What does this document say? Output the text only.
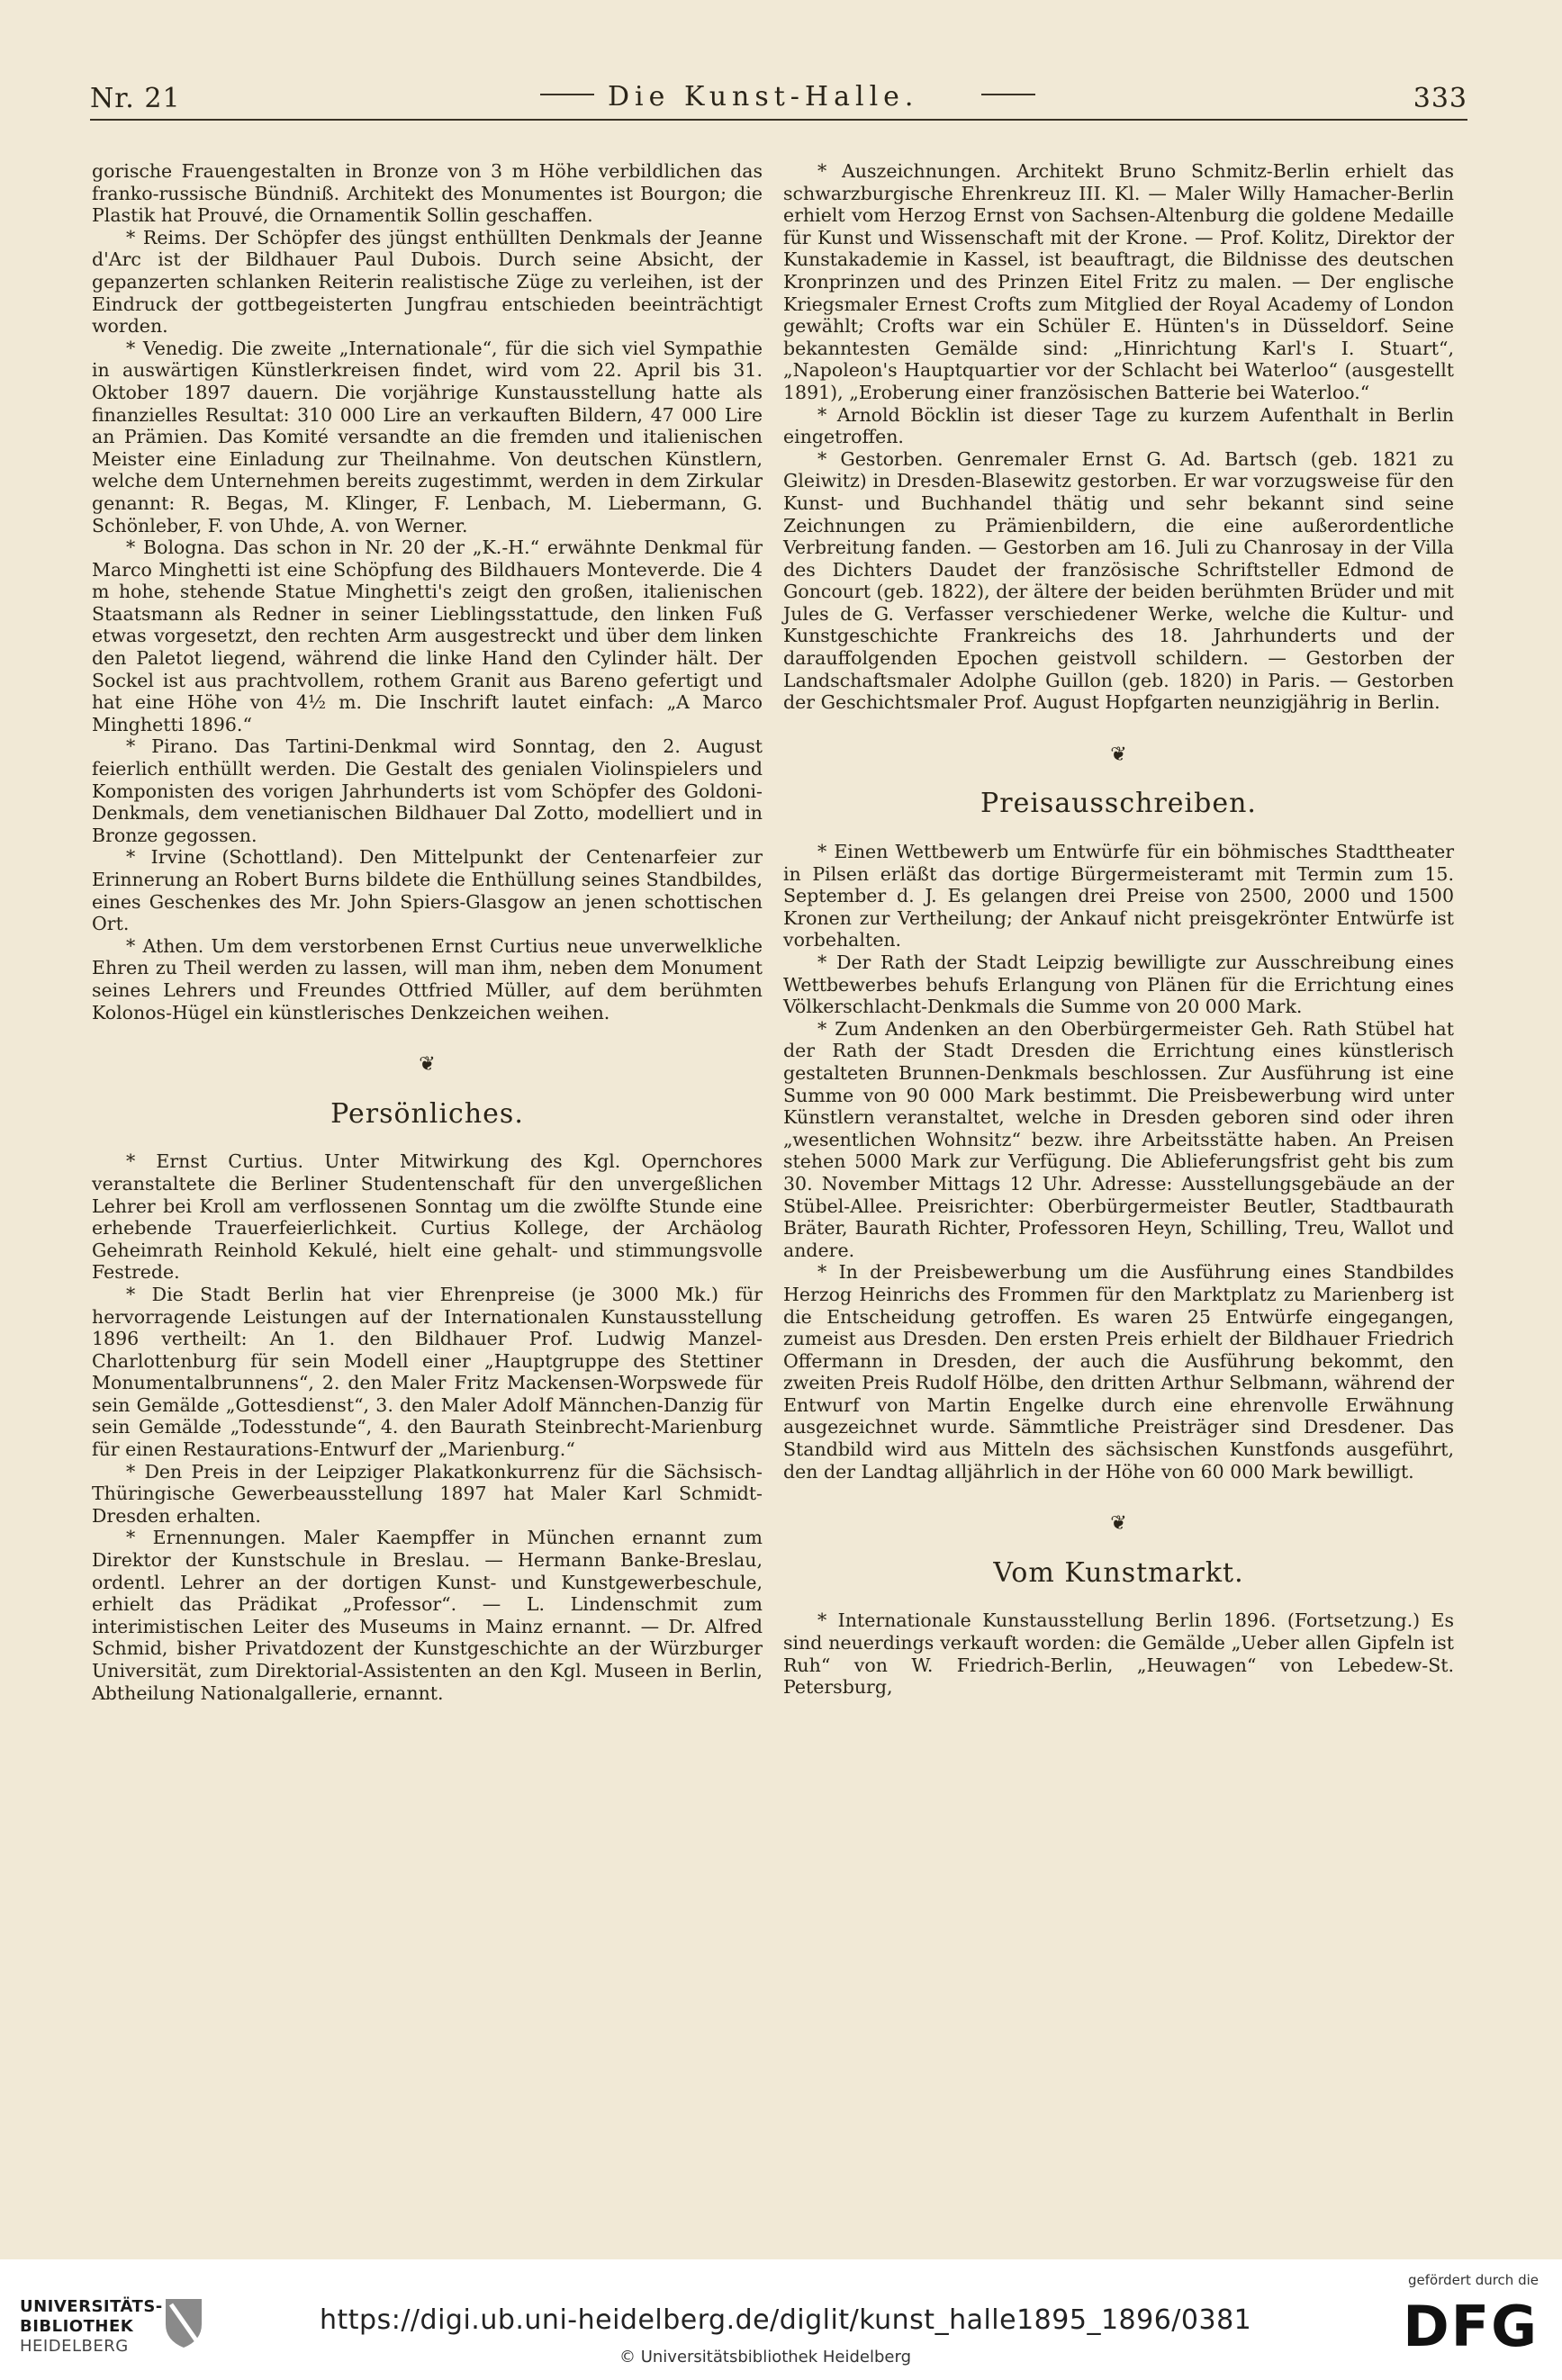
Nr. 21	Die Kunst-Halle.	333

gorische Frauengestalten in Bronze von 3 m Höhe verbildlichen das franko-russische Bündniß. Architekt des Monumentes ist Bourgon; die Plastik hat Prouvé, die Ornamentik Sollin geschaffen.

* Reims. Der Schöpfer des jüngst enthüllten Denkmals der Jeanne d'Arc ist der Bildhauer Paul Dubois. Durch seine Absicht, der gepanzerten schlanken Reiterin realistische Züge zu verleihen, ist der Eindruck der gottbegeisterten Jungfrau entschieden beeinträchtigt worden.

* Venedig. Die zweite „Internationale“, für die sich viel Sympathie in auswärtigen Künstlerkreisen findet, wird vom 22. April bis 31. Oktober 1897 dauern. Die vorjährige Kunstausstellung hatte als finanzielles Resultat: 310 000 Lire an verkauften Bildern, 47 000 Lire an Prämien. Das Komité versandte an die fremden und italienischen Meister eine Einladung zur Theilnahme. Von deutschen Künstlern, welche dem Unternehmen bereits zugestimmt, werden in dem Zirkular genannt: R. Begas, M. Klinger, F. Lenbach, M. Liebermann, G. Schönleber, F. von Uhde, A. von Werner.

* Bologna. Das schon in Nr. 20 der „K.-H.“ erwähnte Denkmal für Marco Minghetti ist eine Schöpfung des Bildhauers Monteverde. Die 4 m hohe, stehende Statue Minghetti's zeigt den großen, italienischen Staatsmann als Redner in seiner Lieblingsstattude, den linken Fuß etwas vorgesetzt, den rechten Arm ausgestreckt und über dem linken den Paletot liegend, während die linke Hand den Cylinder hält. Der Sockel ist aus prachtvollem, rothem Granit aus Bareno gefertigt und hat eine Höhe von 4½ m. Die Inschrift lautet einfach: „A Marco Minghetti 1896.“

* Pirano. Das Tartini-Denkmal wird Sonntag, den 2. August feierlich enthüllt werden. Die Gestalt des genialen Violinspielers und Komponisten des vorigen Jahrhunderts ist vom Schöpfer des Goldoni-Denkmals, dem venetianischen Bildhauer Dal Zotto, modelliert und in Bronze gegossen.

* Irvine (Schottland). Den Mittelpunkt der Centenarfeier zur Erinnerung an Robert Burns bildete die Enthüllung seines Standbildes, eines Geschenkes des Mr. John Spiers-Glasgow an jenen schottischen Ort.

* Athen. Um dem verstorbenen Ernst Curtius neue unverwelkliche Ehren zu Theil werden zu lassen, will man ihm, neben dem Monument seines Lehrers und Freundes Ottfried Müller, auf dem berühmten Kolonos-Hügel ein künstlerisches Denkzeichen weihen.

❦
Persönliches.

* Ernst Curtius. Unter Mitwirkung des Kgl. Opernchores veranstaltete die Berliner Studentenschaft für den unvergeßlichen Lehrer bei Kroll am verflossenen Sonntag um die zwölfte Stunde eine erhebende Trauerfeierlichkeit. Curtius Kollege, der Archäolog Geheimrath Reinhold Kekulé, hielt eine gehalt- und stimmungsvolle Festrede.

* Die Stadt Berlin hat vier Ehrenpreise (je 3000 Mk.) für hervorragende Leistungen auf der Internationalen Kunstausstellung 1896 vertheilt: An 1. den Bildhauer Prof. Ludwig Manzel-Charlottenburg für sein Modell einer „Hauptgruppe des Stettiner Monumentalbrunnens“, 2. den Maler Fritz Mackensen-Worpswede für sein Gemälde „Gottesdienst“, 3. den Maler Adolf Männchen-Danzig für sein Gemälde „Todesstunde“, 4. den Baurath Steinbrecht-Marienburg für einen Restaurations-Entwurf der „Marienburg.“

* Den Preis in der Leipziger Plakatkonkurrenz für die Sächsisch-Thüringische Gewerbeausstellung 1897 hat Maler Karl Schmidt-Dresden erhalten.

* Ernennungen. Maler Kaempffer in München ernannt zum Direktor der Kunstschule in Breslau. — Hermann Banke-Breslau, ordentl. Lehrer an der dortigen Kunst- und Kunstgewerbeschule, erhielt das Prädikat „Professor“. — L. Lindenschmit zum interimistischen Leiter des Museums in Mainz ernannt. — Dr. Alfred Schmid, bisher Privatdozent der Kunstgeschichte an der Würzburger Universität, zum Direktorial-Assistenten an den Kgl. Museen in Berlin, Abtheilung Nationalgallerie, ernannt.

* Auszeichnungen. Architekt Bruno Schmitz-Berlin erhielt das schwarzburgische Ehrenkreuz III. Kl. — Maler Willy Hamacher-Berlin erhielt vom Herzog Ernst von Sachsen-Altenburg die goldene Medaille für Kunst und Wissenschaft mit der Krone. — Prof. Kolitz, Direktor der Kunstakademie in Kassel, ist beauftragt, die Bildnisse des deutschen Kronprinzen und des Prinzen Eitel Fritz zu malen. — Der englische Kriegsmaler Ernest Crofts zum Mitglied der Royal Academy of London gewählt; Crofts war ein Schüler E. Hünten's in Düsseldorf. Seine bekanntesten Gemälde sind: „Hinrichtung Karl's I. Stuart“, „Napoleon's Hauptquartier vor der Schlacht bei Waterloo“ (ausgestellt 1891), „Eroberung einer französischen Batterie bei Waterloo.“

* Arnold Böcklin ist dieser Tage zu kurzem Aufenthalt in Berlin eingetroffen.

* Gestorben. Genremaler Ernst G. Ad. Bartsch (geb. 1821 zu Gleiwitz) in Dresden-Blasewitz gestorben. Er war vorzugsweise für den Kunst- und Buchhandel thätig und sehr bekannt sind seine Zeichnungen zu Prämienbildern, die eine außerordentliche Verbreitung fanden. — Gestorben am 16. Juli zu Chanrosay in der Villa des Dichters Daudet der französische Schriftsteller Edmond de Goncourt (geb. 1822), der ältere der beiden berühmten Brüder und mit Jules de G. Verfasser verschiedener Werke, welche die Kultur- und Kunstgeschichte Frankreichs des 18. Jahrhunderts und der darauffolgenden Epochen geistvoll schildern. — Gestorben der Landschaftsmaler Adolphe Guillon (geb. 1820) in Paris. — Gestorben der Geschichtsmaler Prof. August Hopfgarten neunzigjährig in Berlin.

❦
Preisausschreiben.

* Einen Wettbewerb um Entwürfe für ein böhmisches Stadttheater in Pilsen erläßt das dortige Bürgermeisteramt mit Termin zum 15. September d. J. Es gelangen drei Preise von 2500, 2000 und 1500 Kronen zur Vertheilung; der Ankauf nicht preisgekrönter Entwürfe ist vorbehalten.

* Der Rath der Stadt Leipzig bewilligte zur Ausschreibung eines Wettbewerbes behufs Erlangung von Plänen für die Errichtung eines Völkerschlacht-Denkmals die Summe von 20 000 Mark.

* Zum Andenken an den Oberbürgermeister Geh. Rath Stübel hat der Rath der Stadt Dresden die Errichtung eines künstlerisch gestalteten Brunnen-Denkmals beschlossen. Zur Ausführung ist eine Summe von 90 000 Mark bestimmt. Die Preisbewerbung wird unter Künstlern veranstaltet, welche in Dresden geboren sind oder ihren „wesentlichen Wohnsitz“ bezw. ihre Arbeitsstätte haben. An Preisen stehen 5000 Mark zur Verfügung. Die Ablieferungsfrist geht bis zum 30. November Mittags 12 Uhr. Adresse: Ausstellungsgebäude an der Stübel-Allee. Preisrichter: Oberbürgermeister Beutler, Stadtbaurath Bräter, Baurath Richter, Professoren Heyn, Schilling, Treu, Wallot und andere.

* In der Preisbewerbung um die Ausführung eines Standbildes Herzog Heinrichs des Frommen für den Marktplatz zu Marienberg ist die Entscheidung getroffen. Es waren 25 Entwürfe eingegangen, zumeist aus Dresden. Den ersten Preis erhielt der Bildhauer Friedrich Offermann in Dresden, der auch die Ausführung bekommt, den zweiten Preis Rudolf Hölbe, den dritten Arthur Selbmann, während der Entwurf von Martin Engelke durch eine ehrenvolle Erwähnung ausgezeichnet wurde. Sämmtliche Preisträger sind Dresdener. Das Standbild wird aus Mitteln des sächsischen Kunstfonds ausgeführt, den der Landtag alljährlich in der Höhe von 60 000 Mark bewilligt.

❦
Vom Kunstmarkt.

* Internationale Kunstausstellung Berlin 1896. (Fortsetzung.) Es sind neuerdings verkauft worden: die Gemälde „Ueber allen Gipfeln ist Ruh“ von W. Friedrich-Berlin, „Heuwagen“ von Lebedew-St. Petersburg,

UNIVERSITÄTS-
BIBLIOTHEK
HEIDELBERG
https://digi.ub.uni-heidelberg.de/diglit/kunst_halle1895_1896/0381
© Universitätsbibliothek Heidelberg
gefördert durch die
DFG
